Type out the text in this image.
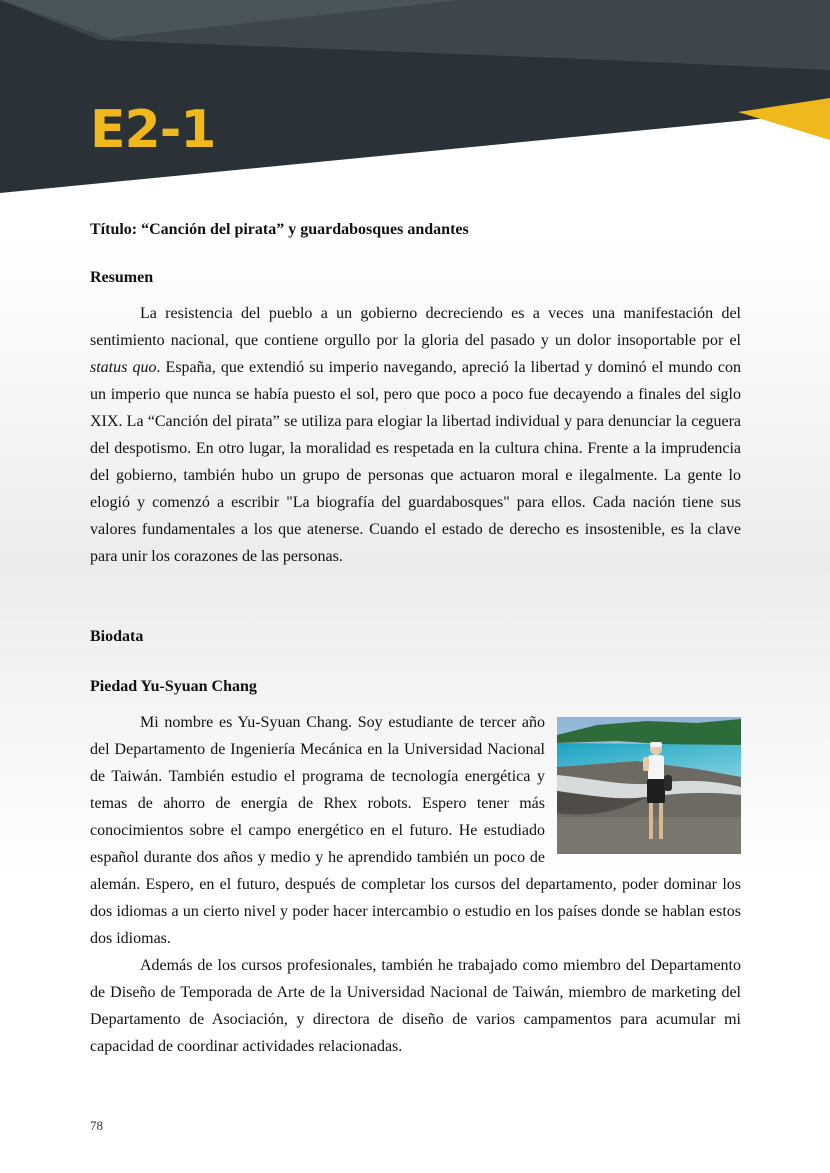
E2-1
Título: “Canción del pirata” y guardabosques andantes
Resumen

La resistencia del pueblo a un gobierno decreciendo es a veces una manifestación del sentimiento nacional, que contiene orgullo por la gloria del pasado y un dolor insoportable por el status quo. España, que extendió su imperio navegando, apreció la libertad y dominó el mundo con un imperio que nunca se había puesto el sol, pero que poco a poco fue decayendo a finales del siglo XIX. La “Canción del pirata” se utiliza para elogiar la libertad individual y para denunciar la ceguera del despotismo. En otro lugar, la moralidad es respetada en la cultura china. Frente a la imprudencia del gobierno, también hubo un grupo de personas que actuaron moral e ilegalmente. La gente lo elogió y comenzó a escribir "La biografía del guardabosques" para ellos. Cada nación tiene sus valores fundamentales a los que atenerse. Cuando el estado de derecho es insostenible, es la clave para unir los corazones de las personas.

Biodata
Piedad Yu-Syuan Chang

Mi nombre es Yu-Syuan Chang. Soy estudiante de tercer año del Departamento de Ingeniería Mecánica en la Universidad Nacional de Taiwán. También estudio el programa de tecnología energética y temas de ahorro de energía de Rhex robots. Espero tener más conocimientos sobre el campo energético en el futuro. He estudiado español durante dos años y medio y he aprendido también un poco de alemán. Espero, en el futuro, después de completar los cursos del departamento, poder dominar los dos idiomas a un cierto nivel y poder hacer intercambio o estudio en los países donde se hablan estos dos idiomas.

Además de los cursos profesionales, también he trabajado como miembro del Departamento de Diseño de Temporada de Arte de la Universidad Nacional de Taiwán, miembro de marketing del Departamento de Asociación, y directora de diseño de varios campamentos para acumular mi capacidad de coordinar actividades relacionadas.

78
